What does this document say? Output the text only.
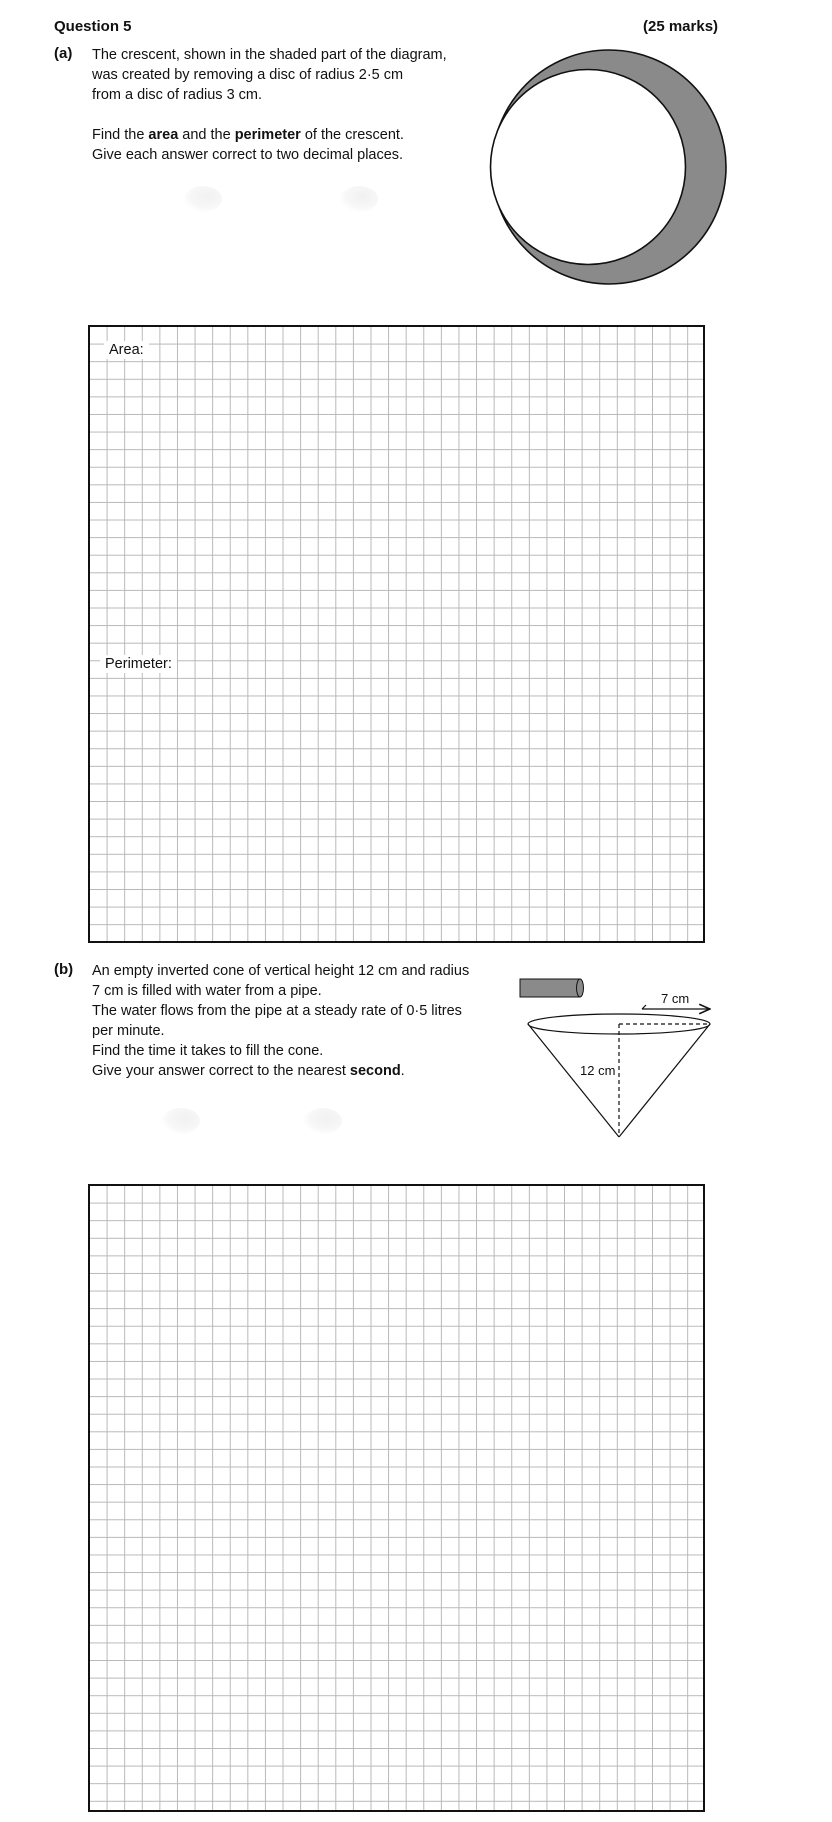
Question 5	(25 marks)
(a) The crescent, shown in the shaded part of the diagram,
was created by removing a disc of radius 2·5 cm
from a disc of radius 3 cm.
Find the area and the perimeter of the crescent.
Give each answer correct to two decimal places.
Area:
Perimeter:
(b) An empty inverted cone of vertical height 12 cm and radius
7 cm is filled with water from a pipe.
The water flows from the pipe at a steady rate of 0·5 litres
per minute.
Find the time it takes to fill the cone.
Give your answer correct to the nearest second.
7 cm
12 cm
